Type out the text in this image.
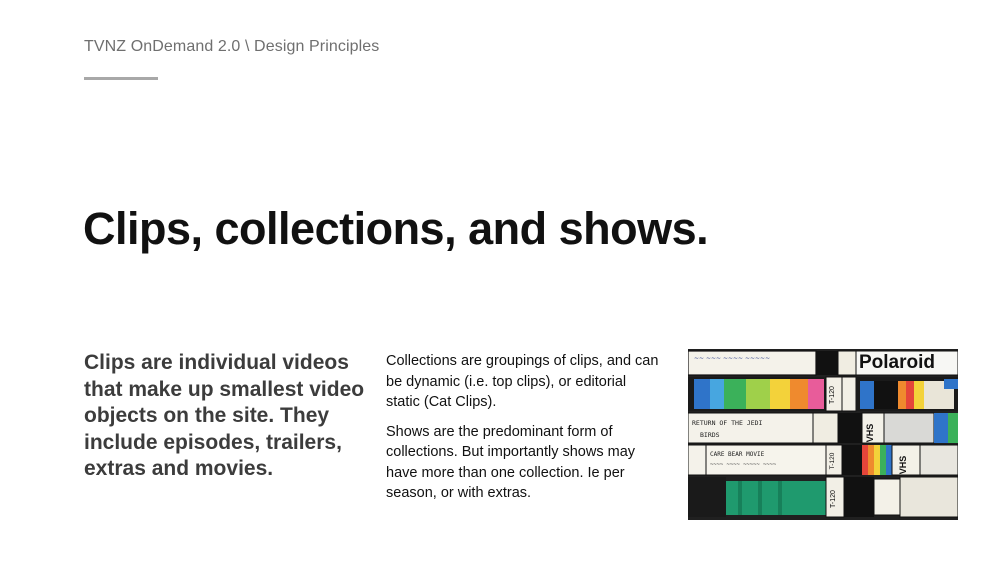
TVNZ OnDemand 2.0 \ Design Principles
Clips, collections, and shows.
Clips are individual videos that make up smallest video objects on the site. They include episodes, trailers, extras and movies.

Collections are groupings of clips, and can be dynamic (i.e. top clips), or editorial static (Cat Clips).

Shows are the predominant form of collections. But importantly shows may have more than one collection. Ie per season, or with extras.

~~ ~~~ ~~~~ ~~~~~	Polaroid
T-120
RETURN OF THE JEDI
BIRDS	VHS
CARE BEAR MOVIE
~~~~ ~~~~ ~~~~~ ~~~~	T-120	VHS
T-120
